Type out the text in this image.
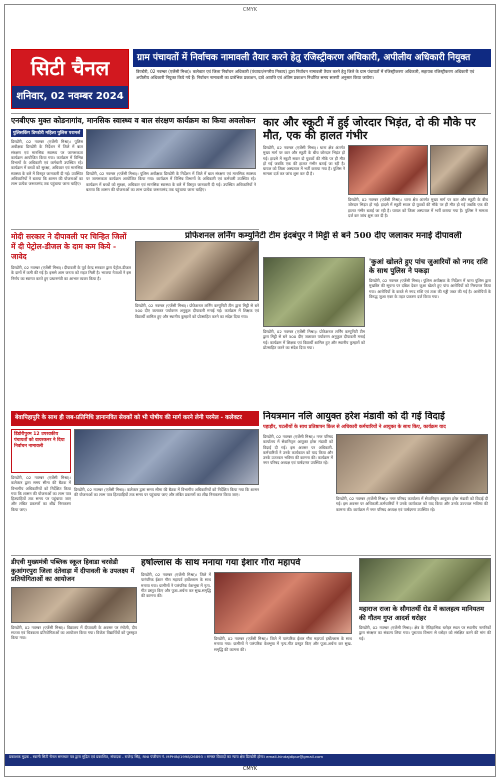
CMYK
सिटी चैनल
शनिवार, 02 नवम्बर 2024
ग्राम पंचायतों में निर्वाचक नामावली तैयार करने हेतु रजिस्ट्रीकरण अधिकारी, अपीलीय अधिकारी नियुक्त
डिण्डोरी, 02 नवम्बर (एजेंसी मिश्रा)। कलेक्टर एवं जिला निर्वाचन अधिकारी (पंचायत/नगरीय निकाय) द्वारा निर्वाचन नामावली तैयार करने हेतु जिले के ग्राम पंचायतों में रजिस्ट्रीकरण अधिकारी, सहायक रजिस्ट्रीकरण अधिकारी एवं अपीलीय अधिकारी नियुक्त किये गये हैं। निर्वाचन नामावली का प्रारंभिक प्रकाशन, दावे आपत्ति एवं अंतिम प्रकाशन निर्धारित समय सारणी अनुसार किया जायेगा।
एनबीएफ मुक्त कोडनागांव, मानसिक स्वास्थ्य व बाल संरक्षण कार्यक्रम का किया अवलोकन
पुलिसकिंग डिण्डोरी महिला पुलिस परामर्श
डिण्डोरी, 02 नवम्बर (एजेंसी मिश्रा)। पुलिस अधीक्षक डिण्डोरी के निर्देशन में जिले में बाल संरक्षण एवं मानसिक स्वास्थ्य पर जागरूकता कार्यक्रम आयोजित किया गया। कार्यक्रम में विभिन्न विभागों के अधिकारी एवं कर्मचारी उपस्थित रहे। कार्यक्रम में बच्चों को सुरक्षा, अधिकार एवं मानसिक स्वास्थ्य के बारे में विस्तृत जानकारी दी गई। उपस्थित अधिकारियों ने बताया कि शासन की योजनाओं का लाभ प्रत्येक जरूरतमंद तक पहुंचाया जाना चाहिए।
डिण्डोरी, 02 नवम्बर (एजेंसी मिश्रा)। पुलिस अधीक्षक डिण्डोरी के निर्देशन में जिले में बाल संरक्षण एवं मानसिक स्वास्थ्य पर जागरूकता कार्यक्रम आयोजित किया गया। कार्यक्रम में विभिन्न विभागों के अधिकारी एवं कर्मचारी उपस्थित रहे। कार्यक्रम में बच्चों को सुरक्षा, अधिकार एवं मानसिक स्वास्थ्य के बारे में विस्तृत जानकारी दी गई। उपस्थित अधिकारियों ने बताया कि शासन की योजनाओं का लाभ प्रत्येक जरूरतमंद तक पहुंचाया जाना चाहिए।
कार और स्कूटी में हुई जोरदार भिड़ंत, दो की मौके पर मौत, एक की हालत गंभीर
डिण्डोरी, 02 नवम्बर (एजेंसी मिश्रा)। थाना क्षेत्र अंतर्गत मुख्य मार्ग पर कार और स्कूटी के बीच जोरदार भिड़ंत हो गई। हादसे में स्कूटी सवार दो युवकों की मौके पर ही मौत हो गई जबकि एक की हालत गंभीर बताई जा रही है। घायल को जिला अस्पताल में भर्ती कराया गया है। पुलिस ने मामला दर्ज कर जांच शुरू कर दी है।
डिण्डोरी, 02 नवम्बर (एजेंसी मिश्रा)। थाना क्षेत्र अंतर्गत मुख्य मार्ग पर कार और स्कूटी के बीच जोरदार भिड़ंत हो गई। हादसे में स्कूटी सवार दो युवकों की मौके पर ही मौत हो गई जबकि एक की हालत गंभीर बताई जा रही है। घायल को जिला अस्पताल में भर्ती कराया गया है। पुलिस ने मामला दर्ज कर जांच शुरू कर दी है।
मोदी सरकार ने दीपावली पर चिन्हित जिलों में दी पेट्रोल-डीजल के दाम कम किये - जावेद
डिण्डोरी, 02 नवम्बर (एजेंसी मिश्रा)। दीपावली के पूर्व केन्द्र सरकार द्वारा पेट्रोल-डीजल के दामों में कमी की गई है। इससे आम जनता को राहत मिली है। भाजपा नेताओं ने इस निर्णय का स्वागत करते हुए प्रधानमंत्री का आभार व्यक्त किया है।
डिण्डोरी, 02 नवम्बर (एजेंसी मिश्रा)। प्रोफेशनल लर्निंग कम्युनिटी टीम द्वारा मिट्टी से बने 500 दीए जलाकर पर्यावरण अनुकूल दीपावली मनाई गई। कार्यक्रम में शिक्षक एवं विद्यार्थी शामिल हुए और स्थानीय कुम्हारों को प्रोत्साहित करने का संदेश दिया गया।
प्रोफेशनल लर्निंग कम्युनिटी टीम इंदबंपुर ने मिट्टी से बने 500 दीए जलाकर मनाई दीपावली
डिण्डोरी, 02 नवम्बर (एजेंसी मिश्रा)। प्रोफेशनल लर्निंग कम्युनिटी टीम द्वारा मिट्टी से बने 500 दीए जलाकर पर्यावरण अनुकूल दीपावली मनाई गई। कार्यक्रम में शिक्षक एवं विद्यार्थी शामिल हुए और स्थानीय कुम्हारों को प्रोत्साहित करने का संदेश दिया गया।
'कुआं खोलते हुए पांच जुआरियों को नगद राशि के साथ पुलिस ने पकड़ा
डिण्डोरी, 02 नवम्बर (एजेंसी मिश्रा)। पुलिस अधीक्षक के निर्देशन में थाना पुलिस द्वारा मुखबिर की सूचना पर दबिश देकर जुआ खेलते हुए पांच आरोपियों को गिरफ्तार किया गया। आरोपियों के कब्जे से नगद राशि एवं ताश की गड्डी जब्त की गई है। आरोपियों के विरुद्ध जुआ एक्ट के तहत प्रकरण दर्ज किया गया।
बेवापिहापुरि के साथ ही जब-प्रतिनिधि ज्ञानानवित सेवकों को भी पोषीय की मार्ग करने लेनी परमेल - कलेक्टर
डिंडोरीपुरम 12 उपरवकीय पंचायतों को वायरकनर ने दिया निर्वाचन नामावली
डिण्डोरी, 02 नवम्बर (एजेंसी मिश्रा)। कलेक्टर द्वारा समय सीमा की बैठक में विभागीय अधिकारियों को निर्देशित किया गया कि शासन की योजनाओं का लाभ पात्र हितग्राहियों तक समय पर पहुंचाया जाए और लंबित प्रकरणों का शीघ्र निराकरण किया जाए।
डिण्डोरी, 02 नवम्बर (एजेंसी मिश्रा)। कलेक्टर द्वारा समय सीमा की बैठक में विभागीय अधिकारियों को निर्देशित किया गया कि शासन की योजनाओं का लाभ पात्र हितग्राहियों तक समय पर पहुंचाया जाए और लंबित प्रकरणों का शीघ्र निराकरण किया जाए।
नियत्रमान नलि आयुक्त हरेश मंडावी को दी गई विदाई
पहाड़ीर, पटलीयों के साथ प्रतिष्ठापन फ़िल से अधिकारी कर्मचारियों ने आयुक्त के साथ किए, कार्यक्रम याद
डिण्डोरी, 02 नवम्बर (एजेंसी मिश्रा)। नगर परिषद कार्यालय में सेवानिवृत्त आयुक्त हरेश मंडावी को विदाई दी गई। इस अवसर पर अधिकारी-कर्मचारियों ने उनके कार्यकाल को याद किया और उनके उज्ज्वल भविष्य की कामना की। कार्यक्रम में नगर परिषद अध्यक्ष एवं पार्षदगण उपस्थित रहे।
डिण्डोरी, 02 नवम्बर (एजेंसी मिश्रा)। नगर परिषद कार्यालय में सेवानिवृत्त आयुक्त हरेश मंडावी को विदाई दी गई। इस अवसर पर अधिकारी-कर्मचारियों ने उनके कार्यकाल को याद किया और उनके उज्ज्वल भविष्य की कामना की। कार्यक्रम में नगर परिषद अध्यक्ष एवं पार्षदगण उपस्थित रहे।
डीएवी मुख्यमंत्री पब्लिक स्कूल हिवाडा चरसेडी कुआंगरपुरा जिला दंतेवाड़ा में दीपावली के उपलक्ष्य में प्रतियोगिताओं का आयोजन
डिण्डोरी, 02 नवम्बर (एजेंसी मिश्रा)। विद्यालय में दीपावली के अवसर पर रंगोली, दीप सज्जा एवं चित्रकला प्रतियोगिताओं का आयोजन किया गया। विजेता विद्यार्थियों को पुरस्कृत किया गया।
हर्षोल्लास के साथ मनाया गया ईशार गौरा महापर्व
डिण्डोरी, 02 नवम्बर (एजेंसी मिश्रा)। जिले में पारंपरिक ईशार गौरा महापर्व हर्षोल्लास के साथ मनाया गया। ग्रामीणों ने पारंपरिक वेशभूषा में नृत्य-गीत प्रस्तुत किए और पूजा-अर्चना कर सुख-समृद्धि की कामना की।
डिण्डोरी, 02 नवम्बर (एजेंसी मिश्रा)। जिले में पारंपरिक ईशार गौरा महापर्व हर्षोल्लास के साथ मनाया गया। ग्रामीणों ने पारंपरिक वेशभूषा में नृत्य-गीत प्रस्तुत किए और पूजा-अर्चना कर सुख-समृद्धि की कामना की।
महाराज राजा के सौगातर्थी रोड में कालहत्य मानियतम की गौतम गुप्त आदर्श धरोहर
डिण्डोरी, 02 नवम्बर (एजेंसी मिश्रा)। क्षेत्र के ऐतिहासिक धरोहर स्थल पर स्थानीय नागरिकों द्वारा संरक्षण का संकल्प लिया गया। पुरातत्व विभाग से धरोहर को संरक्षित करने की मांग की गई।
प्रकाशक मुद्रक - स्वामी सिटी चैनल समाचार पत्र द्वारा मुद्रित एवं प्रकाशित, संपादक - राजेन्द्र सिंह, RNI पंजीयन नं. MPHIN/1998/26893 । समस्त विवादों का न्याय क्षेत्र डिण्डोरी होगा। email-hindajdipur@gmail.com
CMYK
